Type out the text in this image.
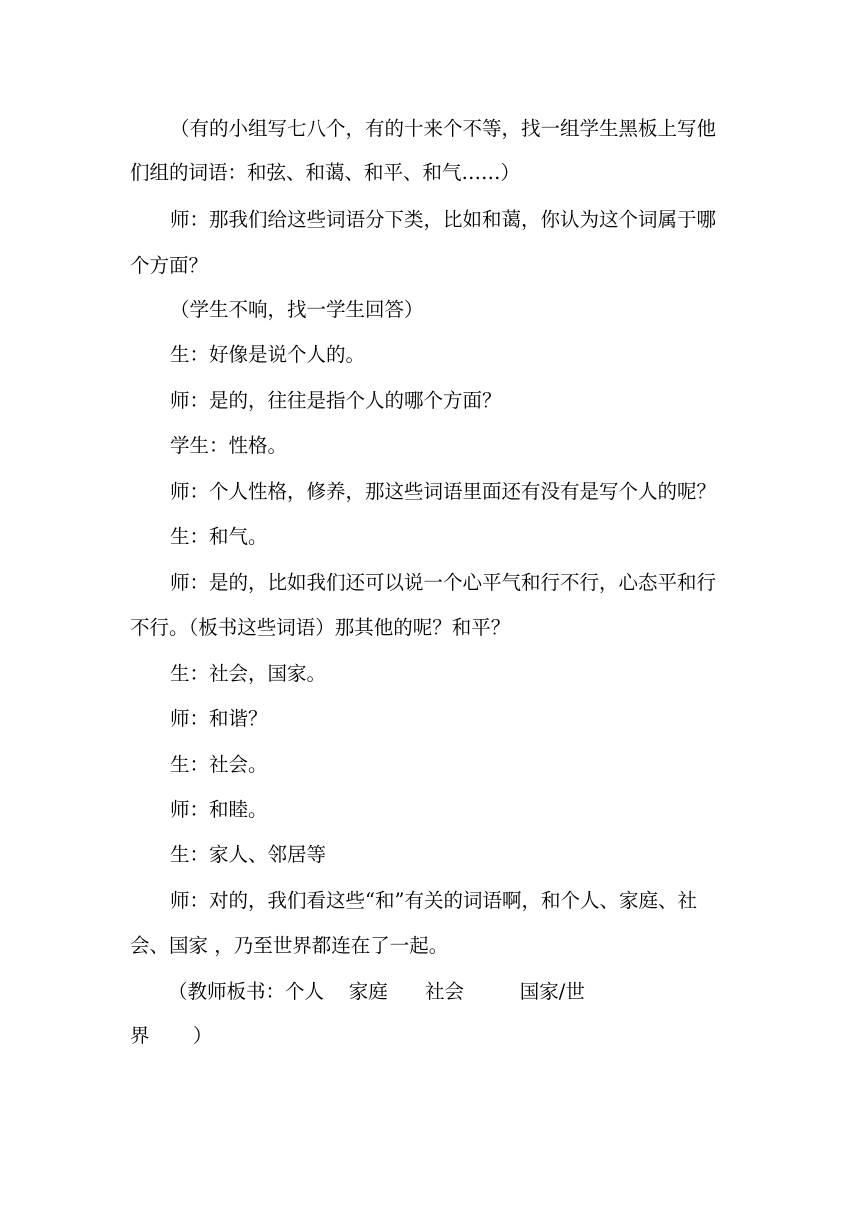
（有的小组写七八个，有的十来个不等，找一组学生黑板上写他

们组的词语：和弦、和蔼、和平、和气……）

师：那我们给这些词语分下类，比如和蔼，你认为这个词属于哪

个方面？

（学生不响，找一学生回答）

生：好像是说个人的。

师：是的，往往是指个人的哪个方面？

学生：性格。

师：个人性格，修养，那这些词语里面还有没有是写个人的呢？

生：和气。

师：是的，比如我们还可以说一个心平气和行不行，心态平和行

不行。（板书这些词语）那其他的呢？和平？

生：社会，国家。

师：和谐？

生：社会。

师：和睦。

生：家人、邻居等

师：对的，我们看这些“和”有关的词语啊，和个人、家庭、社

会、国家 ，乃至世界都连在了一起。

（教师板书：个人    家庭      社会         国家/世

界       ）
